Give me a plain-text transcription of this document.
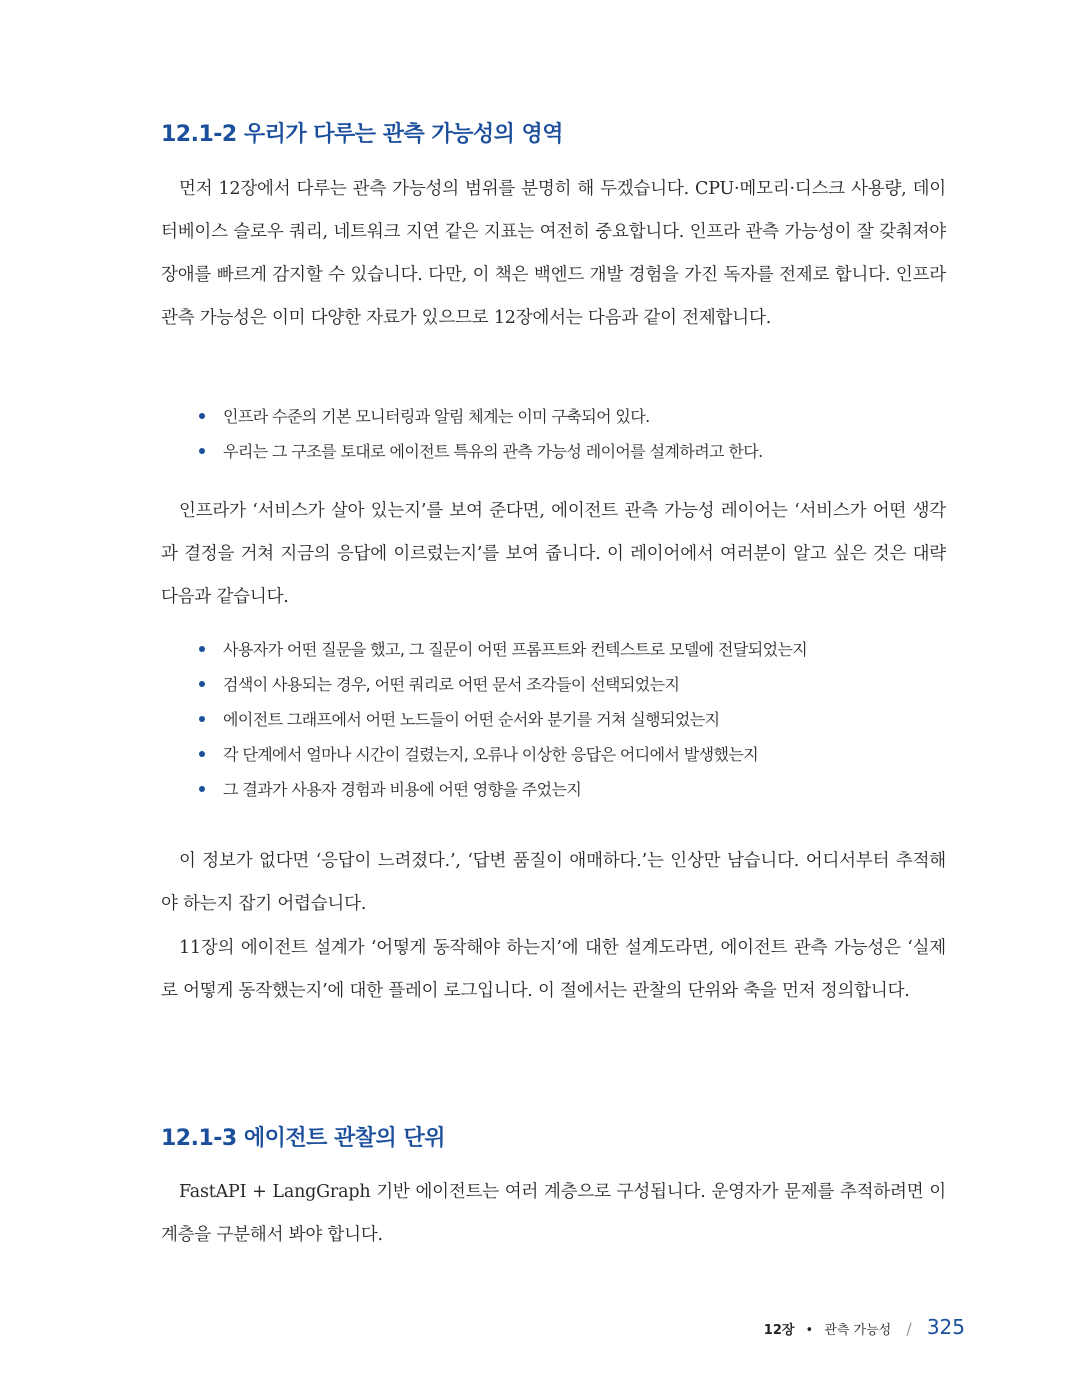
12.1-2 우리가 다루는 관측 가능성의 영역

먼저 12장에서 다루는 관측 가능성의 범위를 분명히 해 두겠습니다. CPU·메모리·디스크 사용량, 데이터베이스 슬로우 쿼리, 네트워크 지연 같은 지표는 여전히 중요합니다. 인프라 관측 가능성이 잘 갖춰져야 장애를 빠르게 감지할 수 있습니다. 다만, 이 책은 백엔드 개발 경험을 가진 독자를 전제로 합니다. 인프라 관측 가능성은 이미 다양한 자료가 있으므로 12장에서는 다음과 같이 전제합니다.

인프라 수준의 기본 모니터링과 알림 체계는 이미 구축되어 있다.
우리는 그 구조를 토대로 에이전트 특유의 관측 가능성 레이어를 설계하려고 한다.

인프라가 ‘서비스가 살아 있는지’를 보여 준다면, 에이전트 관측 가능성 레이어는 ‘서비스가 어떤 생각과 결정을 거쳐 지금의 응답에 이르렀는지’를 보여 줍니다. 이 레이어에서 여러분이 알고 싶은 것은 대략 다음과 같습니다.

사용자가 어떤 질문을 했고, 그 질문이 어떤 프롬프트와 컨텍스트로 모델에 전달되었는지
검색이 사용되는 경우, 어떤 쿼리로 어떤 문서 조각들이 선택되었는지
에이전트 그래프에서 어떤 노드들이 어떤 순서와 분기를 거쳐 실행되었는지
각 단계에서 얼마나 시간이 걸렸는지, 오류나 이상한 응답은 어디에서 발생했는지
그 결과가 사용자 경험과 비용에 어떤 영향을 주었는지

이 정보가 없다면 ‘응답이 느려졌다.’, ‘답변 품질이 애매하다.’는 인상만 남습니다. 어디서부터 추적해야 하는지 잡기 어렵습니다.

11장의 에이전트 설계가 ‘어떻게 동작해야 하는지’에 대한 설계도라면, 에이전트 관측 가능성은 ‘실제로 어떻게 동작했는지’에 대한 플레이 로그입니다. 이 절에서는 관찰의 단위와 축을 먼저 정의합니다.

12.1-3 에이전트 관찰의 단위

FastAPI + LangGraph 기반 에이전트는 여러 계층으로 구성됩니다. 운영자가 문제를 추적하려면 이 계층을 구분해서 봐야 합니다.

12장 • 관측 가능성 / 325
